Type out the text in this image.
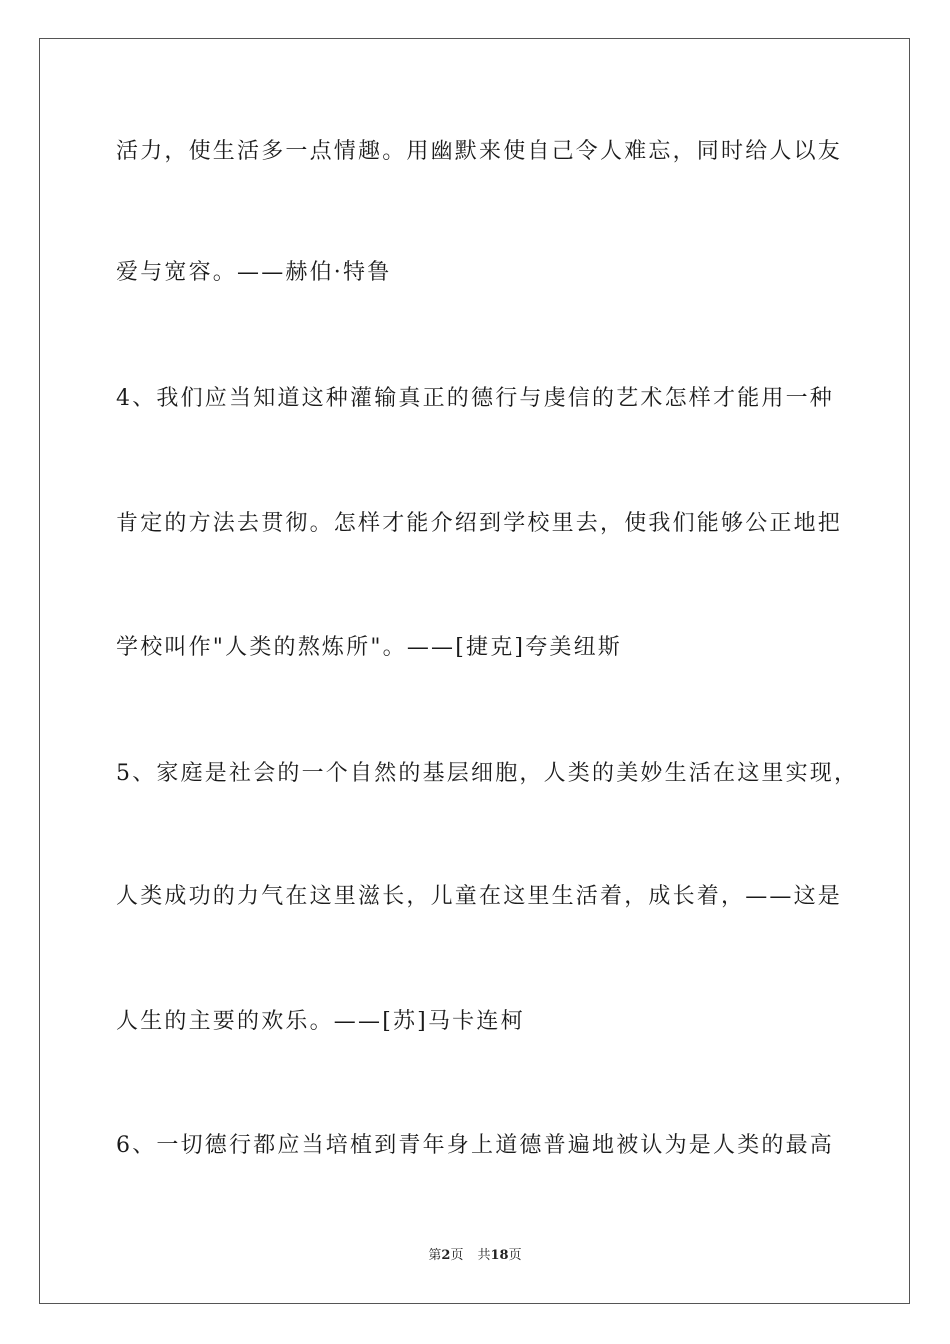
活力，使生活多一点情趣。用幽默来使自己令人难忘，同时给人以友
爱与宽容。——赫伯·特鲁
4、我们应当知道这种灌输真正的德行与虔信的艺术怎样才能用一种
肯定的方法去贯彻。怎样才能介绍到学校里去，使我们能够公正地把
学校叫作"人类的熬炼所"。——[捷克]夸美纽斯
5、家庭是社会的一个自然的基层细胞，人类的美妙生活在这里实现，
人类成功的力气在这里滋长，儿童在这里生活着，成长着，——这是
人生的主要的欢乐。——[苏]马卡连柯
6、一切德行都应当培植到青年身上道德普遍地被认为是人类的最高
第2页 共18页
